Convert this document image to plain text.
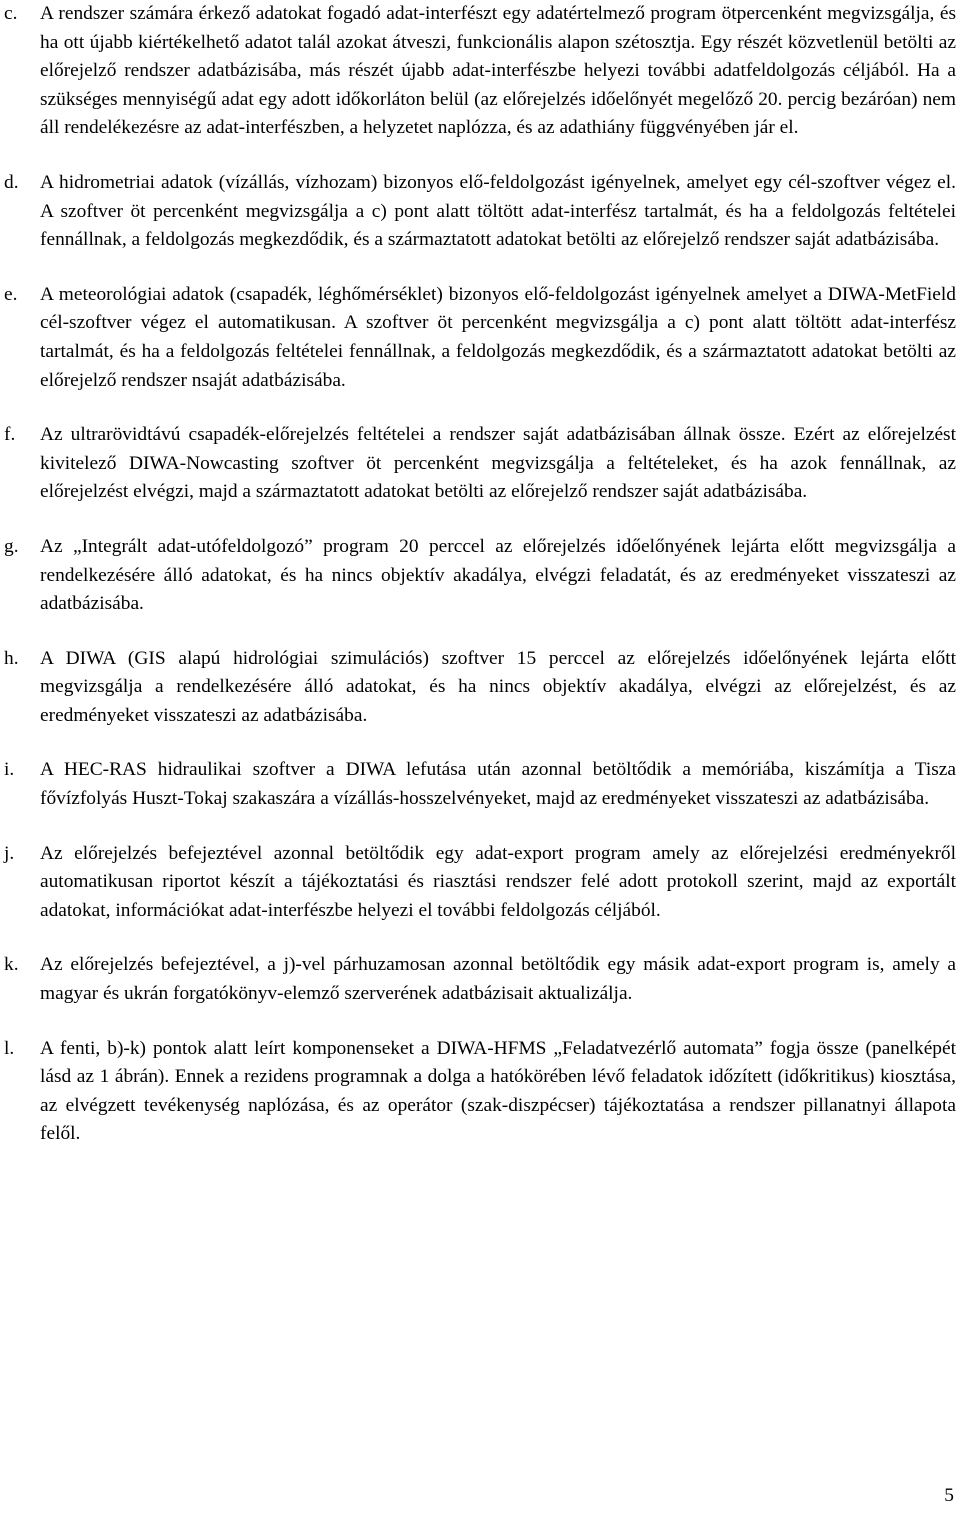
c. A rendszer számára érkező adatokat fogadó adat-interfészt egy adatértelmező program ötpercenként megvizsgálja, és ha ott újabb kiértékelhető adatot talál azokat átveszi, funkcionális alapon szétosztja. Egy részét közvetlenül betölti az előrejelző rendszer adatbázisába, más részét újabb adat-interfészbe helyezi további adatfeldolgozás céljából. Ha a szükséges mennyiségű adat egy adott időkorláton belül (az előrejelzés időelőnyét megelőző 20. percig bezáróan) nem áll rendelékezésre az adat-interfészben, a helyzetet naplózza, és az adathiány függvényében jár el.
d. A hidrometriai adatok (vízállás, vízhozam) bizonyos elő-feldolgozást igényelnek, amelyet egy cél-szoftver végez el. A szoftver öt percenként megvizsgálja a c) pont alatt töltött adat-interfész tartalmát, és ha a feldolgozás feltételei fennállnak, a feldolgozás megkezdődik, és a származtatott adatokat betölti az előrejelző rendszer saját adatbázisába.
e. A meteorológiai adatok (csapadék, léghőmérséklet) bizonyos elő-feldolgozást igényelnek amelyet a DIWA-MetField cél-szoftver végez el automatikusan. A szoftver öt percenként megvizsgálja a c) pont alatt töltött adat-interfész tartalmát, és ha a feldolgozás feltételei fennállnak, a feldolgozás megkezdődik, és a származtatott adatokat betölti az előrejelző rendszer nsaját adatbázisába.
f. Az ultrarövidtávú csapadék-előrejelzés feltételei a rendszer saját adatbázisában állnak össze. Ezért az előrejelzést kivitelező DIWA-Nowcasting szoftver öt percenként megvizsgálja a feltételeket, és ha azok fennállnak, az előrejelzést elvégzi, majd a származtatott adatokat betölti az előrejelző rendszer saját adatbázisába.
g. Az „Integrált adat-utófeldolgozó” program 20 perccel az előrejelzés időelőnyének lejárta előtt megvizsgálja a rendelkezésére álló adatokat, és ha nincs objektív akadálya, elvégzi feladatát, és az eredményeket visszateszi az adatbázisába.
h. A DIWA (GIS alapú hidrológiai szimulációs) szoftver 15 perccel az előrejelzés időelőnyének lejárta előtt megvizsgálja a rendelkezésére álló adatokat, és ha nincs objektív akadálya, elvégzi az előrejelzést, és az eredményeket visszateszi az adatbázisába.
i. A HEC-RAS hidraulikai szoftver a DIWA lefutása után azonnal betöltődik a memóriába, kiszámítja a Tisza fővízfolyás Huszt-Tokaj szakaszára a vízállás-hosszelvényeket, majd az eredményeket visszateszi az adatbázisába.
j. Az előrejelzés befejeztével azonnal betöltődik egy adat-export program amely az előrejelzési eredményekről automatikusan riportot készít a tájékoztatási és riasztási rendszer felé adott protokoll szerint, majd az exportált adatokat, információkat adat-interfészbe helyezi el további feldolgozás céljából.
k. Az előrejelzés befejeztével, a j)-vel párhuzamosan azonnal betöltődik egy másik adat-export program is, amely a magyar és ukrán forgatókönyv-elemző szerverének adatbázisait aktualizálja.
l. A fenti, b)-k) pontok alatt leírt komponenseket a DIWA-HFMS „Feladatvezérlő automata” fogja össze (panelképét lásd az 1 ábrán). Ennek a rezidens programnak a dolga a hatókörében lévő feladatok időzített (időkritikus) kiosztása, az elvégzett tevékenység naplózása, és az operátor (szak-diszpécser) tájékoztatása a rendszer pillanatnyi állapota felől.
5
